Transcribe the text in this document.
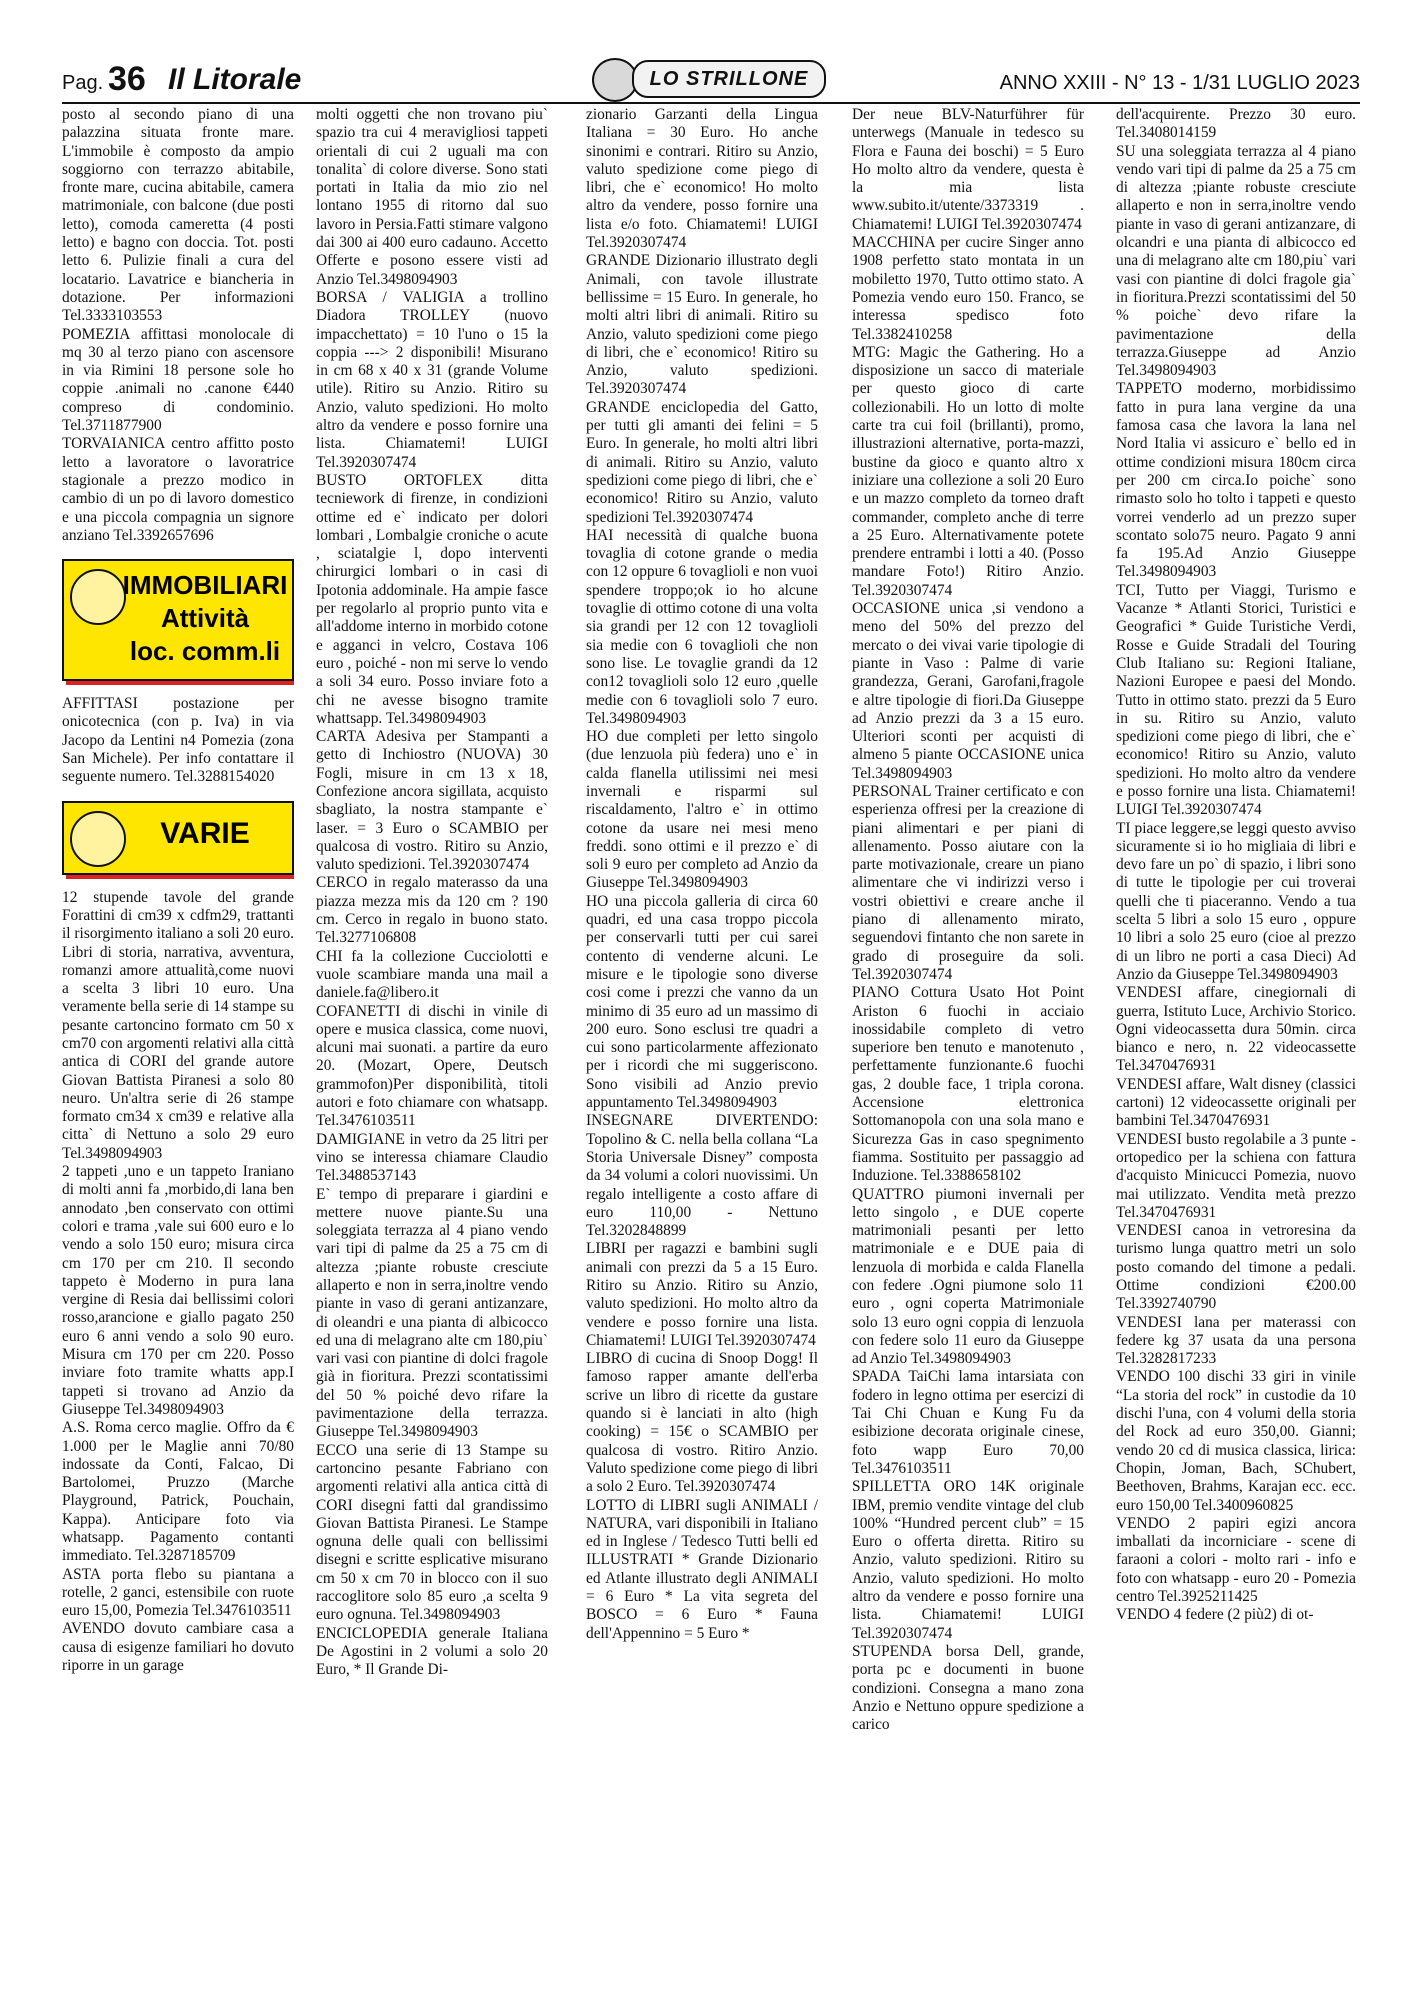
Pag. 36 Il Litorale	LO STRILLONE	ANNO XXIII - N° 13 - 1/31 LUGLIO 2023

posto al secondo piano di una palazzina situata fronte mare. L'immobile è composto da ampio soggiorno con terrazzo abitabile, fronte mare, cucina abitabile, camera matrimoniale, con balcone (due posti letto), comoda cameretta (4 posti letto) e bagno con doccia. Tot. posti letto 6. Pulizie finali a cura del locatario. Lavatrice e biancheria in dotazione. Per informazioni Tel.3333103553

POMEZIA affittasi monolocale di mq 30 al terzo piano con ascensore in via Rimini 18 persone sole ho coppie .animali no .canone €440 compreso di condominio. Tel.3711877900

TORVAIANICA centro affitto posto letto a lavoratore o lavoratrice stagionale a prezzo modico in cambio di un po di lavoro domestico e una piccola compagnia un signore anziano Tel.3392657696

IMMOBILIARI
Attività
loc. comm.li

AFFITTASI postazione per onicotecnica (con p. Iva) in via Jacopo da Lentini n4 Pomezia (zona San Michele). Per info contattare il seguente numero. Tel.3288154020

VARIE

12 stupende tavole del grande Forattini di cm39 x cdfm29, trattanti il risorgimento italiano a soli 20 euro. Libri di storia, narrativa, avventura, romanzi amore attualità,come nuovi a scelta 3 libri 10 euro. Una veramente bella serie di 14 stampe su pesante cartoncino formato cm 50 x cm70 con argomenti relativi alla città antica di CORI del grande autore Giovan Battista Piranesi a solo 80 neuro. Un'altra serie di 26 stampe formato cm34 x cm39 e relative alla citta` di Nettuno a solo 29 euro Tel.3498094903

2 tappeti ,uno e un tappeto Iraniano di molti anni fa ,morbido,di lana ben annodato ,ben conservato con ottimi colori e trama ,vale sui 600 euro e lo vendo a solo 150 euro; misura circa cm 170 per cm 210. Il secondo tappeto è Moderno in pura lana vergine di Resia dai bellissimi colori rosso,arancione e giallo pagato 250 euro 6 anni vendo a solo 90 euro. Misura cm 170 per cm 220. Posso inviare foto tramite whatts app.I tappeti si trovano ad Anzio da Giuseppe Tel.3498094903

A.S. Roma cerco maglie. Offro da € 1.000 per le Maglie anni 70/80 indossate da Conti, Falcao, Di Bartolomei, Pruzzo (Marche Playground, Patrick, Pouchain, Kappa). Anticipare foto via whatsapp. Pagamento contanti immediato. Tel.3287185709

ASTA porta flebo su piantana a rotelle, 2 ganci, estensibile con ruote euro 15,00, Pomezia Tel.3476103511

AVENDO dovuto cambiare casa a causa di esigenze familiari ho dovuto riporre in un garage

molti oggetti che non trovano piu` spazio tra cui 4 meravigliosi tappeti orientali di cui 2 uguali ma con tonalita` di colore diverse. Sono stati portati in Italia da mio zio nel lontano 1955 di ritorno dal suo lavoro in Persia.Fatti stimare valgono dai 300 ai 400 euro cadauno. Accetto Offerte e posono essere visti ad Anzio Tel.3498094903

BORSA / VALIGIA a trollino Diadora TROLLEY (nuovo impacchettato) = 10 l'uno o 15 la coppia ---> 2 disponibili! Misurano in cm 68 x 40 x 31 (grande Volume utile). Ritiro su Anzio. Ritiro su Anzio, valuto spedizioni. Ho molto altro da vendere e posso fornire una lista. Chiamatemi! LUIGI Tel.3920307474

BUSTO ORTOFLEX ditta tecniework di firenze, in condizioni ottime ed e` indicato per dolori lombari , Lombalgie croniche o acute , sciatalgie l, dopo interventi chirurgici lombari o in casi di Ipotonia addominale. Ha ampie fasce per regolarlo al proprio punto vita e all'addome interno in morbido cotone e agganci in velcro, Costava 106 euro , poiché - non mi serve lo vendo a soli 34 euro. Posso inviare foto a chi ne avesse bisogno tramite whattsapp. Tel.3498094903

CARTA Adesiva per Stampanti a getto di Inchiostro (NUOVA) 30 Fogli, misure in cm 13 x 18, Confezione ancora sigillata, acquisto sbagliato, la nostra stampante e` laser. = 3 Euro o SCAMBIO per qualcosa di vostro. Ritiro su Anzio, valuto spedizioni. Tel.3920307474

CERCO in regalo materasso da una piazza mezza mis da 120 cm ? 190 cm. Cerco in regalo in buono stato. Tel.3277106808

CHI fa la collezione Cucciolotti e vuole scambiare manda una mail a daniele.fa@libero.it

COFANETTI di dischi in vinile di opere e musica classica, come nuovi, alcuni mai suonati. a partire da euro 20. (Mozart, Opere, Deutsch grammofon)Per disponibilità, titoli autori e foto chiamare con whatsapp. Tel.3476103511

DAMIGIANE in vetro da 25 litri per vino se interessa chiamare Claudio Tel.3488537143

E` tempo di preparare i giardini e mettere nuove piante.Su una soleggiata terrazza al 4 piano vendo vari tipi di palme da 25 a 75 cm di altezza ;piante robuste cresciute allaperto e non in serra,inoltre vendo piante in vaso di gerani antizanzare, di oleandri e una pianta di albicocco ed una di melagrano alte cm 180,piu` vari vasi con piantine di dolci fragole già in fioritura. Prezzi scontatissimi del 50 % poiché devo rifare la pavimentazione della terrazza. Giuseppe Tel.3498094903

ECCO una serie di 13 Stampe su cartoncino pesante Fabriano con argomenti relativi alla antica città di CORI disegni fatti dal grandissimo Giovan Battista Piranesi. Le Stampe ognuna delle quali con bellissimi disegni e scritte esplicative misurano cm 50 x cm 70 in blocco con il suo raccoglitore solo 85 euro ,a scelta 9 euro ognuna. Tel.3498094903

ENCICLOPEDIA generale Italiana De Agostini in 2 volumi a solo 20 Euro, * Il Grande Di-

zionario Garzanti della Lingua Italiana = 30 Euro. Ho anche sinonimi e contrari. Ritiro su Anzio, valuto spedizione come piego di libri, che e` economico! Ho molto altro da vendere, posso fornire una lista e/o foto. Chiamatemi! LUIGI Tel.3920307474

GRANDE Dizionario illustrato degli Animali, con tavole illustrate bellissime = 15 Euro. In generale, ho molti altri libri di animali. Ritiro su Anzio, valuto spedizioni come piego di libri, che e` economico! Ritiro su Anzio, valuto spedizioni. Tel.3920307474

GRANDE enciclopedia del Gatto, per tutti gli amanti dei felini = 5 Euro. In generale, ho molti altri libri di animali. Ritiro su Anzio, valuto spedizioni come piego di libri, che e` economico! Ritiro su Anzio, valuto spedizioni Tel.3920307474

HAI necessità di qualche buona tovaglia di cotone grande o media con 12 oppure 6 tovaglioli e non vuoi spendere troppo;ok io ho alcune tovaglie di ottimo cotone di una volta sia grandi per 12 con 12 tovaglioli sia medie con 6 tovaglioli che non sono lise. Le tovaglie grandi da 12 con12 tovaglioli solo 12 euro ,quelle medie con 6 tovaglioli solo 7 euro. Tel.3498094903

HO due completi per letto singolo (due lenzuola più federa) uno e` in calda flanella utilissimi nei mesi invernali e risparmi sul riscaldamento, l'altro e` in ottimo cotone da usare nei mesi meno freddi. sono ottimi e il prezzo e` di soli 9 euro per completo ad Anzio da Giuseppe Tel.3498094903

HO una piccola galleria di circa 60 quadri, ed una casa troppo piccola per conservarli tutti per cui sarei contento di venderne alcuni. Le misure e le tipologie sono diverse cosi come i prezzi che vanno da un minimo di 35 euro ad un massimo di 200 euro. Sono esclusi tre quadri a cui sono particolarmente affezionato per i ricordi che mi suggeriscono. Sono visibili ad Anzio previo appuntamento Tel.3498094903

INSEGNARE DIVERTENDO: Topolino & C. nella bella collana “La Storia Universale Disney” composta da 34 volumi a colori nuovissimi. Un regalo intelligente a costo affare di euro 110,00 - Nettuno Tel.3202848899

LIBRI per ragazzi e bambini sugli animali con prezzi da 5 a 15 Euro. Ritiro su Anzio. Ritiro su Anzio, valuto spedizioni. Ho molto altro da vendere e posso fornire una lista. Chiamatemi! LUIGI Tel.3920307474

LIBRO di cucina di Snoop Dogg! Il famoso rapper amante dell'erba scrive un libro di ricette da gustare quando si è lanciati in alto (high cooking) = 15€ o SCAMBIO per qualcosa di vostro. Ritiro Anzio. Valuto spedizione come piego di libri a solo 2 Euro. Tel.3920307474

LOTTO di LIBRI sugli ANIMALI / NATURA, vari disponibili in Italiano ed in Inglese / Tedesco Tutti belli ed ILLUSTRATI * Grande Dizionario ed Atlante illustrato degli ANIMALI = 6 Euro * La vita segreta del BOSCO = 6 Euro * Fauna dell'Appennino = 5 Euro *

Der neue BLV-Naturführer für unterwegs (Manuale in tedesco su Flora e Fauna dei boschi) = 5 Euro Ho molto altro da vendere, questa è la mia lista www.subito.it/utente/3373319 . Chiamatemi! LUIGI Tel.3920307474

MACCHINA per cucire Singer anno 1908 perfetto stato montata in un mobiletto 1970, Tutto ottimo stato. A Pomezia vendo euro 150. Franco, se interessa spedisco foto Tel.3382410258

MTG: Magic the Gathering. Ho a disposizione un sacco di materiale per questo gioco di carte collezionabili. Ho un lotto di molte carte tra cui foil (brillanti), promo, illustrazioni alternative, porta-mazzi, bustine da gioco e quanto altro x iniziare una collezione a soli 20 Euro e un mazzo completo da torneo draft commander, completo anche di terre a 25 Euro. Alternativamente potete prendere entrambi i lotti a 40. (Posso mandare Foto!) Ritiro Anzio. Tel.3920307474

OCCASIONE unica ,si vendono a meno del 50% del prezzo del mercato o dei vivai varie tipologie di piante in Vaso : Palme di varie grandezza, Gerani, Garofani,fragole e altre tipologie di fiori.Da Giuseppe ad Anzio prezzi da 3 a 15 euro. Ulteriori sconti per acquisti di almeno 5 piante OCCASIONE unica Tel.3498094903

PERSONAL Trainer certificato e con esperienza offresi per la creazione di piani alimentari e per piani di allenamento. Posso aiutare con la parte motivazionale, creare un piano alimentare che vi indirizzi verso i vostri obiettivi e creare anche il piano di allenamento mirato, seguendovi fintanto che non sarete in grado di proseguire da soli. Tel.3920307474

PIANO Cottura Usato Hot Point Ariston 6 fuochi in acciaio inossidabile completo di vetro superiore ben tenuto e manotenuto , perfettamente funzionante.6 fuochi gas, 2 double face, 1 tripla corona. Accensione elettronica Sottomanopola con una sola mano e Sicurezza Gas in caso spegnimento fiamma. Sostituito per passaggio ad Induzione. Tel.3388658102

QUATTRO piumoni invernali per letto singolo , e DUE coperte matrimoniali pesanti per letto matrimoniale e e DUE paia di lenzuola di morbida e calda Flanella con federe .Ogni piumone solo 11 euro , ogni coperta Matrimoniale solo 13 euro ogni coppia di lenzuola con federe solo 11 euro da Giuseppe ad Anzio Tel.3498094903

SPADA TaiChi lama intarsiata con fodero in legno ottima per esercizi di Tai Chi Chuan e Kung Fu da esibizione decorata originale cinese, foto wapp Euro 70,00 Tel.3476103511

SPILLETTA ORO 14K originale IBM, premio vendite vintage del club 100% “Hundred percent club” = 15 Euro o offerta diretta. Ritiro su Anzio, valuto spedizioni. Ritiro su Anzio, valuto spedizioni. Ho molto altro da vendere e posso fornire una lista. Chiamatemi! LUIGI Tel.3920307474

STUPENDA borsa Dell, grande, porta pc e documenti in buone condizioni. Consegna a mano zona Anzio e Nettuno oppure spedizione a carico

dell'acquirente. Prezzo 30 euro. Tel.3408014159

SU una soleggiata terrazza al 4 piano vendo vari tipi di palme da 25 a 75 cm di altezza ;piante robuste cresciute allaperto e non in serra,inoltre vendo piante in vaso di gerani antizanzare, di olcandri e una pianta di albicocco ed una di melagrano alte cm 180,piu` vari vasi con piantine di dolci fragole gia` in fioritura.Prezzi scontatissimi del 50 % poiche` devo rifare la pavimentazione della terrazza.Giuseppe ad Anzio Tel.3498094903

TAPPETO moderno, morbidissimo fatto in pura lana vergine da una famosa casa che lavora la lana nel Nord Italia vi assicuro e` bello ed in ottime condizioni misura 180cm circa per 200 cm circa.Io poiche` sono rimasto solo ho tolto i tappeti e questo vorrei venderlo ad un prezzo super scontato solo75 neuro. Pagato 9 anni fa 195.Ad Anzio Giuseppe Tel.3498094903

TCI, Tutto per Viaggi, Turismo e Vacanze * Atlanti Storici, Turistici e Geografici * Guide Turistiche Verdi, Rosse e Guide Stradali del Touring Club Italiano su: Regioni Italiane, Nazioni Europee e paesi del Mondo. Tutto in ottimo stato. prezzi da 5 Euro in su. Ritiro su Anzio, valuto spedizioni come piego di libri, che e` economico! Ritiro su Anzio, valuto spedizioni. Ho molto altro da vendere e posso fornire una lista. Chiamatemi! LUIGI Tel.3920307474

TI piace leggere,se leggi questo avviso sicuramente si io ho migliaia di libri e devo fare un po` di spazio, i libri sono di tutte le tipologie per cui troverai quelli che ti piaceranno. Vendo a tua scelta 5 libri a solo 15 euro , oppure 10 libri a solo 25 euro (cioe al prezzo di un libro ne porti a casa Dieci) Ad Anzio da Giuseppe Tel.3498094903

VENDESI affare, cinegiornali di guerra, Istituto Luce, Archivio Storico. Ogni videocassetta dura 50min. circa bianco e nero, n. 22 videocassette Tel.3470476931

VENDESI affare, Walt disney (classici cartoni) 12 videocassette originali per bambini Tel.3470476931

VENDESI busto regolabile a 3 punte - ortopedico per la schiena con fattura d'acquisto Minicucci Pomezia, nuovo mai utilizzato. Vendita metà prezzo Tel.3470476931

VENDESI canoa in vetroresina da turismo lunga quattro metri un solo posto comando del timone a pedali. Ottime condizioni €200.00 Tel.3392740790

VENDESI lana per materassi con federe kg 37 usata da una persona Tel.3282817233

VENDO 100 dischi 33 giri in vinile “La storia del rock” in custodie da 10 dischi l'una, con 4 volumi della storia del Rock ad euro 350,00. Gianni; vendo 20 cd di musica classica, lirica: Chopin, Joman, Bach, SChubert, Beethoven, Brahms, Karajan ecc. ecc. euro 150,00 Tel.3400960825

VENDO 2 papiri egizi ancora imballati da incorniciare - scene di faraoni a colori - molto rari - info e foto con whatsapp - euro 20 - Pomezia centro Tel.3925211425

VENDO 4 federe (2 più2) di ot-
